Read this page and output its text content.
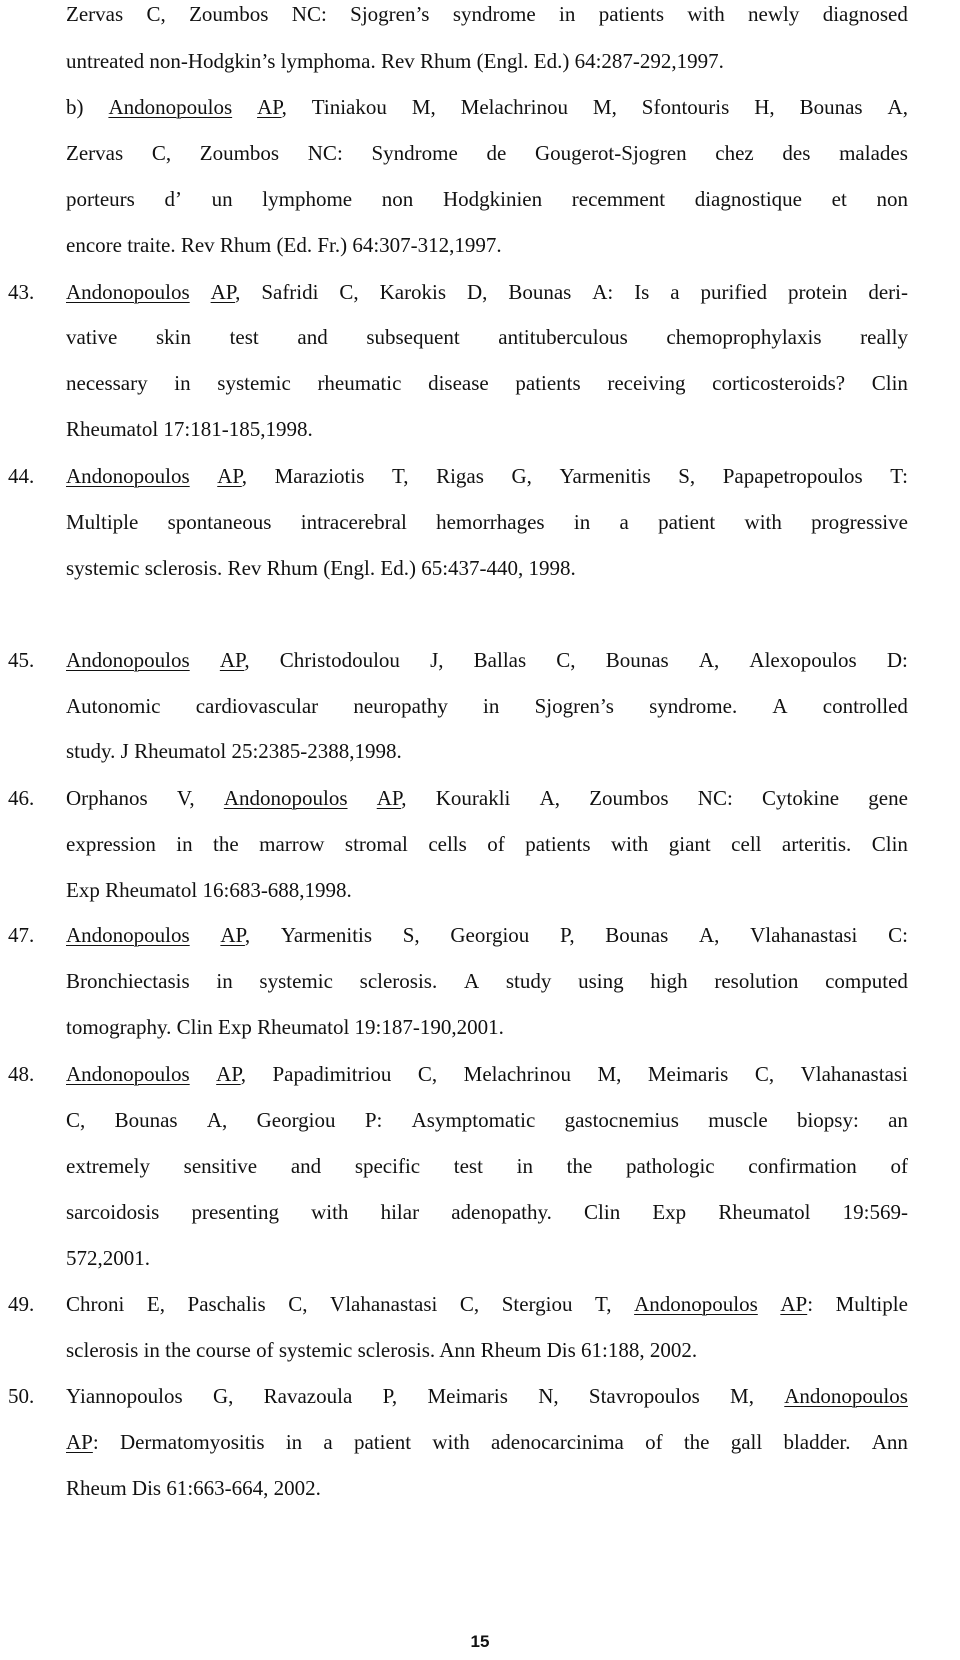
Zervas C, Zoumbos NC: Sjogren’s syndrome in patients with newly diagnosed
untreated non-Hodgkin’s lymphoma. Rev Rhum (Engl. Ed.) 64:287-292,1997.
b) Andonopoulos AP, Tiniakou M, Melachrinou M, Sfontouris H, Bounas A,
Zervas C, Zoumbos NC: Syndrome de Gougerot-Sjogren chez des malades
porteurs d’ un lymphome non Hodgkinien recemment diagnostique et non
encore traite. Rev Rhum (Ed. Fr.) 64:307-312,1997.
43. Andonopoulos AP, Safridi C, Karokis D, Bounas A: Is a purified protein deri-
vative skin test and subsequent antituberculous chemoprophylaxis really
necessary in systemic rheumatic disease patients receiving corticosteroids? Clin
Rheumatol 17:181-185,1998.
44. Andonopoulos AP, Maraziotis T, Rigas G, Yarmenitis S, Papapetropoulos T:
Multiple spontaneous intracerebral hemorrhages in a patient with progressive
systemic sclerosis. Rev Rhum (Engl. Ed.) 65:437-440, 1998.
45. Andonopoulos AP, Christodoulou J, Ballas C, Bounas A, Alexopoulos D:
Autonomic cardiovascular neuropathy in Sjogren’s syndrome. A controlled
study. J Rheumatol 25:2385-2388,1998.
46. Orphanos V, Andonopoulos AP, Kourakli A, Zoumbos NC: Cytokine gene
expression in the marrow stromal cells of patients with giant cell arteritis. Clin
Exp Rheumatol 16:683-688,1998.
47. Andonopoulos AP, Yarmenitis S, Georgiou P, Bounas A, Vlahanastasi C:
Bronchiectasis in systemic sclerosis. A study using high resolution computed
tomography. Clin Exp Rheumatol 19:187-190,2001.
48. Andonopoulos AP, Papadimitriou C, Melachrinou M, Meimaris C, Vlahanastasi
C, Bounas A, Georgiou P: Asymptomatic gastocnemius muscle biopsy: an
extremely sensitive and specific test in the pathologic confirmation of
sarcoidosis presenting with hilar adenopathy. Clin Exp Rheumatol 19:569-
572,2001.
49. Chroni E, Paschalis C, Vlahanastasi C, Stergiou T, Andonopoulos AP: Multiple
sclerosis in the course of systemic sclerosis. Ann Rheum Dis 61:188, 2002.
50. Yiannopoulos G, Ravazoula P, Meimaris N, Stavropoulos M, Andonopoulos
AP: Dermatomyositis in a patient with adenocarcinima of the gall bladder. Ann
Rheum Dis 61:663-664, 2002.
15
